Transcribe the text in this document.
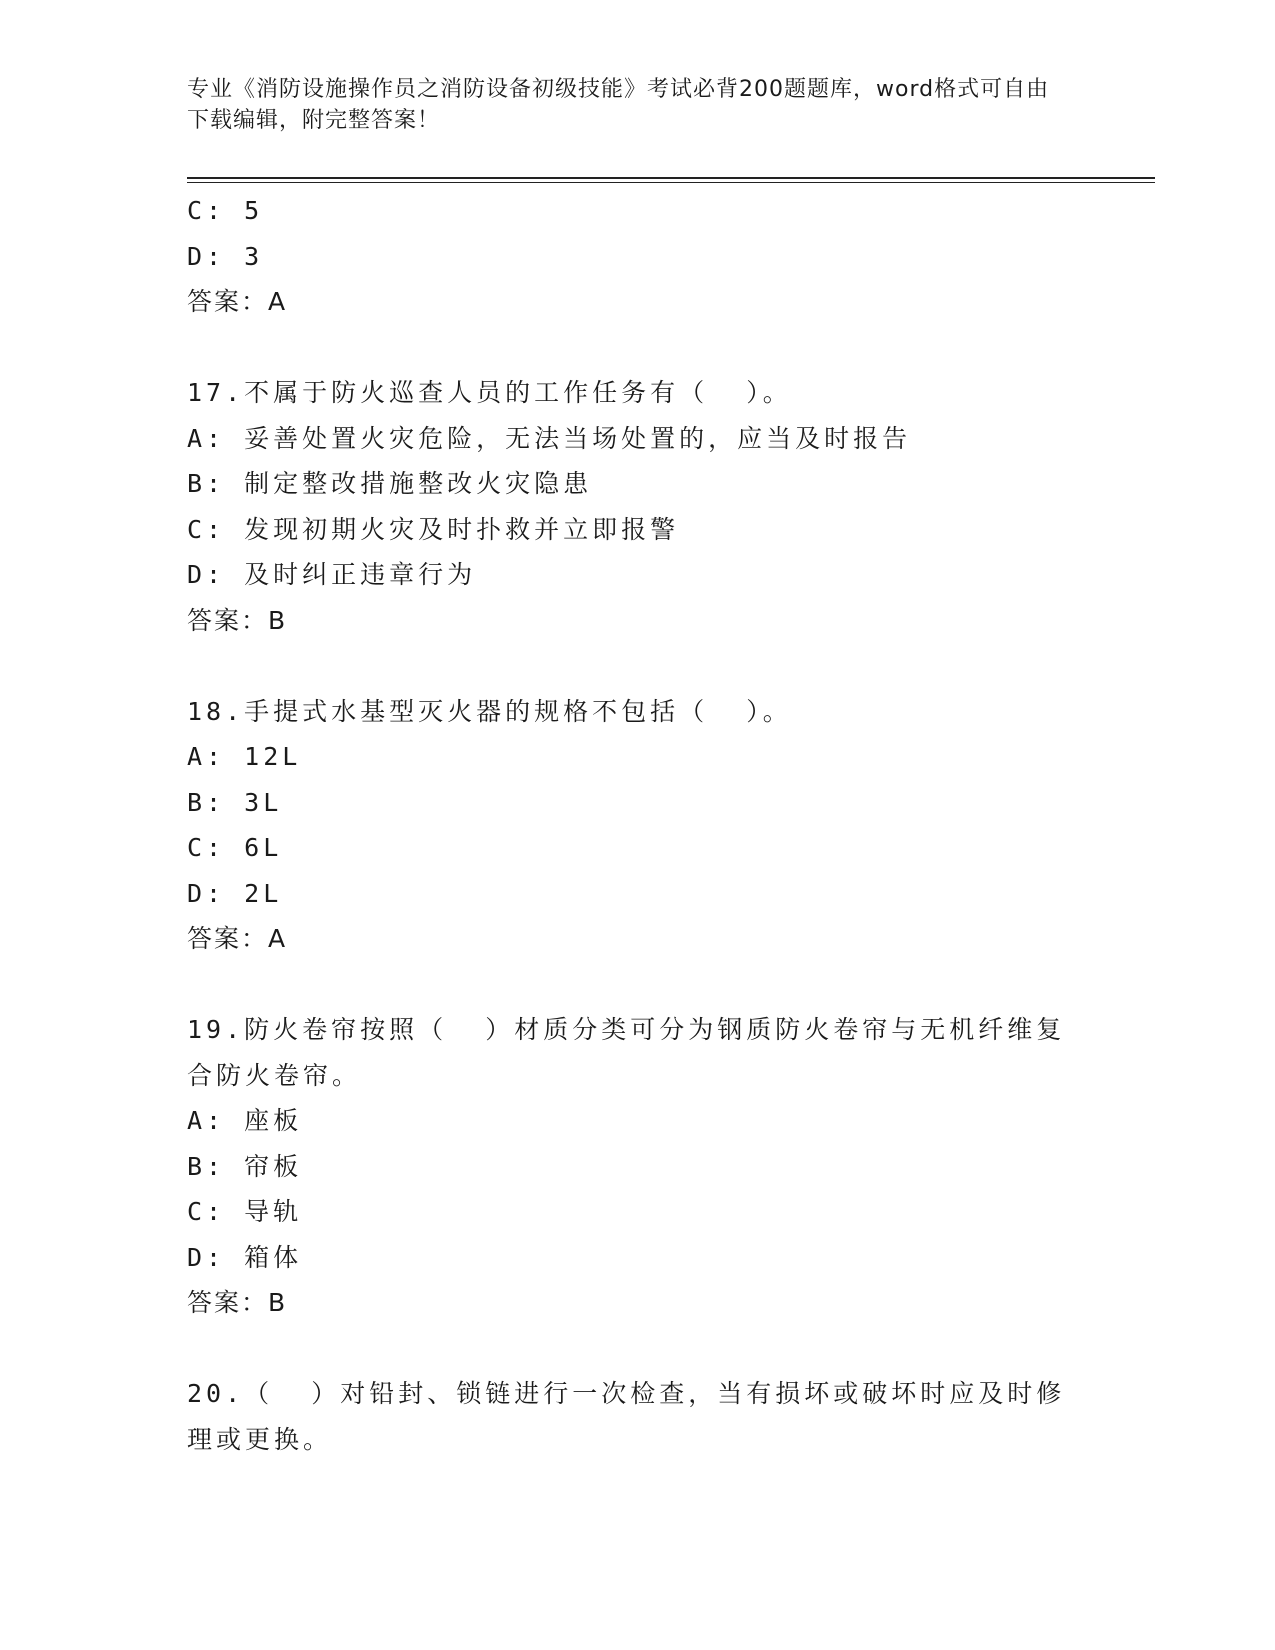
专业《消防设施操作员之消防设备初级技能》考试必背200题题库，word格式可自由下载编辑，附完整答案！
C: 5
D: 3
答案：A
17.不属于防火巡查人员的工作任务有（  ）。
A: 妥善处置火灾危险，无法当场处置的，应当及时报告
B: 制定整改措施整改火灾隐患
C: 发现初期火灾及时扑救并立即报警
D: 及时纠正违章行为
答案：B
18.手提式水基型灭火器的规格不包括（  ）。
A: 12L
B: 3L
C: 6L
D: 2L
答案：A
19.防火卷帘按照（  ）材质分类可分为钢质防火卷帘与无机纤维复合防火卷帘。
A: 座板
B: 帘板
C: 导轨
D: 箱体
答案：B
20.（  ）对铅封、锁链进行一次检查，当有损坏或破坏时应及时修理或更换。
